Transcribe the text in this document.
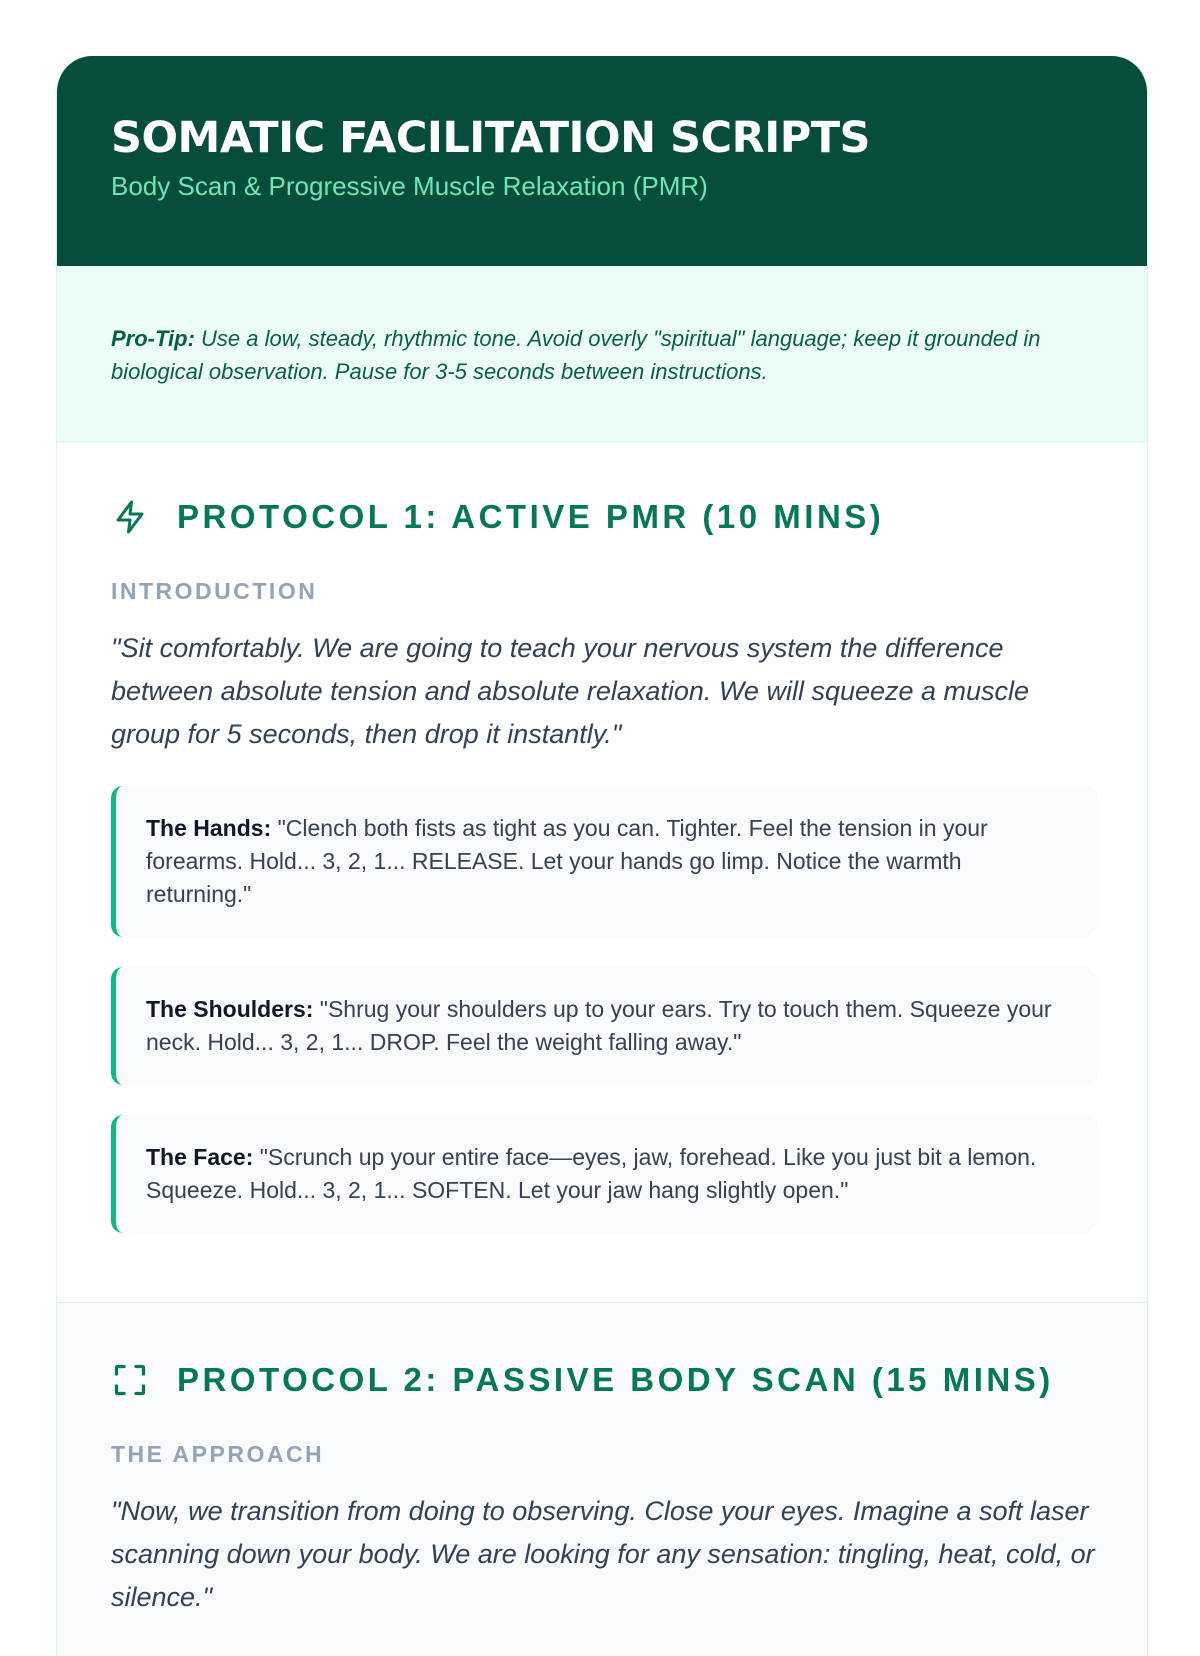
SOMATIC FACILITATION SCRIPTS
Body Scan & Progressive Muscle Relaxation (PMR)
Pro-Tip: Use a low, steady, rhythmic tone. Avoid overly "spiritual" language; keep it grounded in biological observation. Pause for 3-5 seconds between instructions.
PROTOCOL 1: ACTIVE PMR (10 MINS)
INTRODUCTION
"Sit comfortably. We are going to teach your nervous system the difference between absolute tension and absolute relaxation. We will squeeze a muscle group for 5 seconds, then drop it instantly."
The Hands: "Clench both fists as tight as you can. Tighter. Feel the tension in your forearms. Hold... 3, 2, 1... RELEASE. Let your hands go limp. Notice the warmth returning."
The Shoulders: "Shrug your shoulders up to your ears. Try to touch them. Squeeze your neck. Hold... 3, 2, 1... DROP. Feel the weight falling away."
The Face: "Scrunch up your entire face—eyes, jaw, forehead. Like you just bit a lemon. Squeeze. Hold... 3, 2, 1... SOFTEN. Let your jaw hang slightly open."
PROTOCOL 2: PASSIVE BODY SCAN (15 MINS)
THE APPROACH
"Now, we transition from doing to observing. Close your eyes. Imagine a soft laser scanning down your body. We are looking for any sensation: tingling, heat, cold, or silence."
